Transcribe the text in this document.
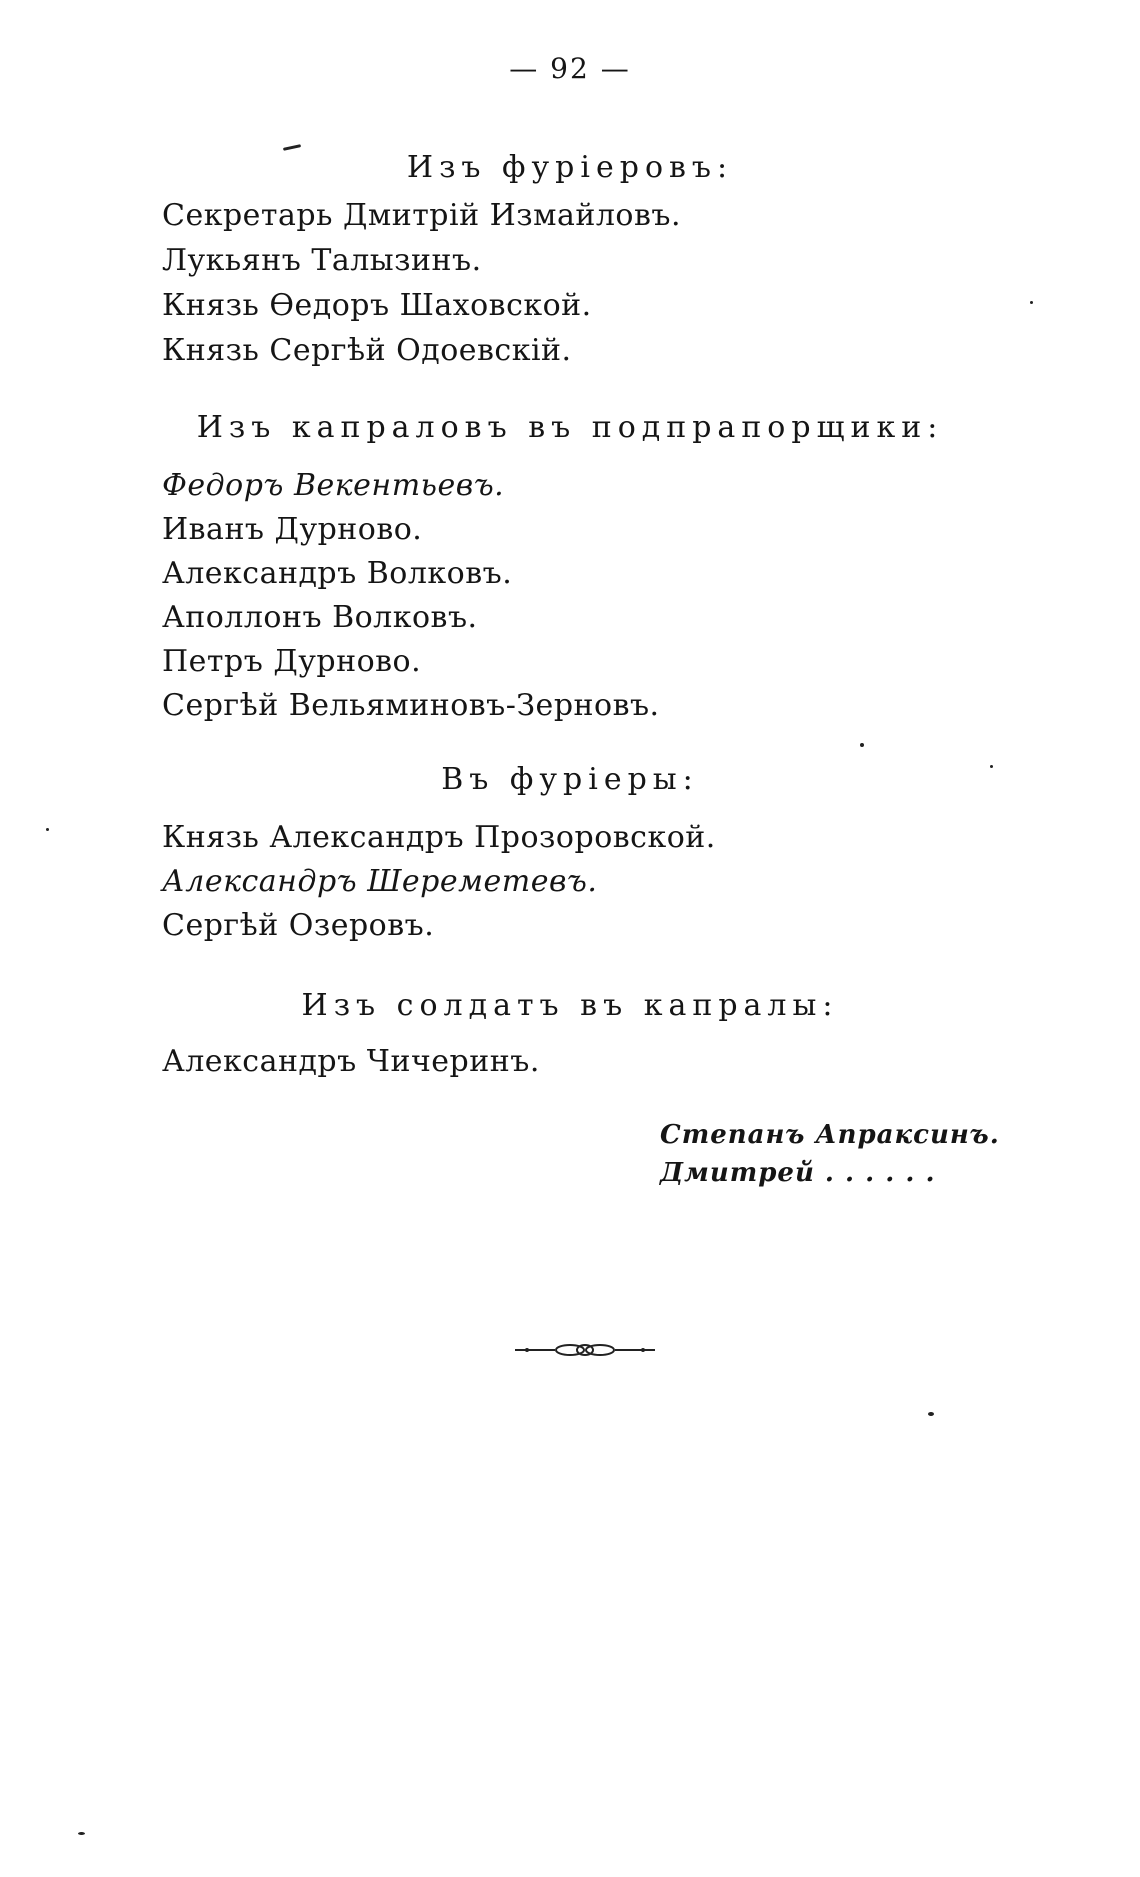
— 92 —
Изъ фурiеровъ:
Секретарь Дмитрiй Измайловъ.
Лукьянъ Талызинъ.
Князь Өедоръ Шаховской.
Князь Сергѣй Одоевскiй.
Изъ капраловъ въ подпрапорщики:
Федоръ Векентьевъ.
Иванъ Дурново.
Александръ Волковъ.
Аполлонъ Волковъ.
Петръ Дурново.
Сергѣй Вельяминовъ-Зерновъ.
Въ фурiеры:
Князь Александръ Прозоровской.
Александръ Шереметевъ.
Сергѣй Озеровъ.
Изъ солдатъ въ капралы:
Александръ Чичеринъ.
Степанъ Апраксинъ.
Дмитрей . . . . . .
